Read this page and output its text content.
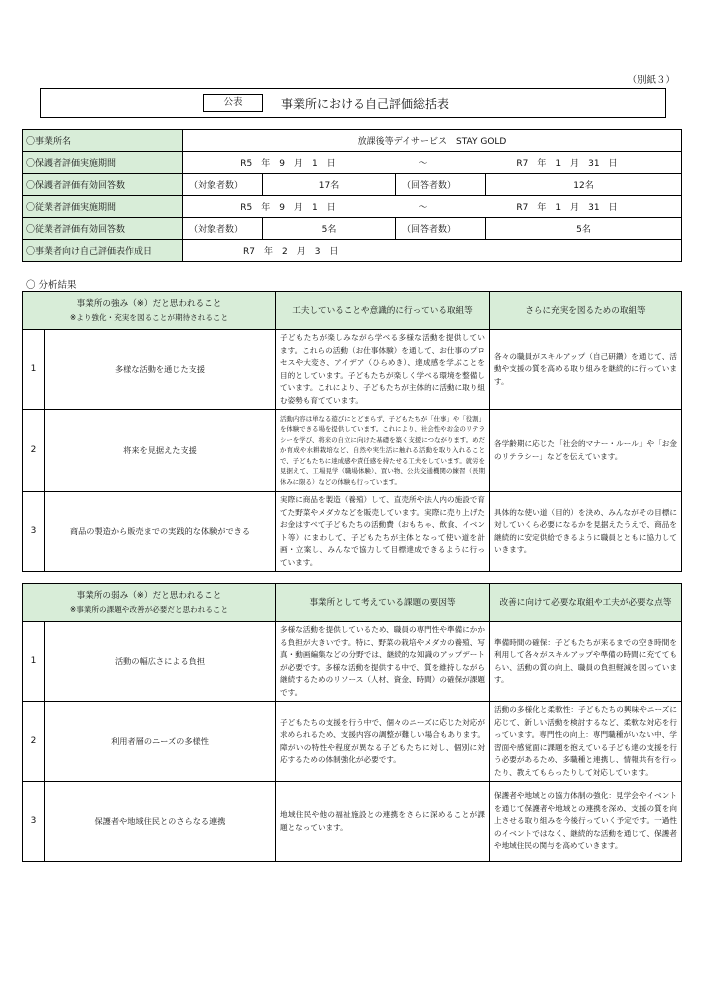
（別紙３）
公表	事業所における自己評価総括表
〇事業所名	放課後等デイサービス　STAY GOLD			
〇保護者評価実施期間	R5　年　9　月　1　日 ～ R7　年　1　月　31　日			

〇保護者評価有効回答数	（対象者数）	17名	（回答者数）	12名
〇従業者評価実施期間	R5　年　9　月　1　日 ～ R7　年　1　月　31　日			

〇従業者評価有効回答数	（対象者数）	5名	（回答者数）	5名
〇事業者向け自己評価表作成日	R7　年　2　月　3　日			
〇 分析結果
事業所の強み（※）だと思われること
※より強化・充実を図ることが期待されること		工夫していることや意識的に行っている取組等	さらに充実を図るための取組等
1	多様な活動を通じた支援	子どもたちが楽しみながら学べる多様な活動を提供しています。これらの活動（お仕事体験）を通して、お仕事のプロセスや大変さ、アイデア（ひらめき）、達成感を学ぶことを目的としています。子どもたちが楽しく学べる環境を整備しています。これにより、子どもたちが主体的に活動に取り組む姿勢も育てています。	各々の職員がスキルアップ（自己研鑽）を通じて、活動や支援の質を高める取り組みを継続的に行っています。
2	将来を見据えた支援	活動内容は単なる遊びにとどまらず、子どもたちが「仕事」や「役割」を体験できる場を提供しています。これにより、社会性やお金のリテラシーを学び、将来の自立に向けた基礎を築く支援につながります。めだか育成や水耕栽培など、自然や実生活に触れる活動を取り入れることで、子どもたちに達成感や責任感を持たせる工夫をしています。就労を見据えて、工場見学（職場体験）、買い物、公共交通機関の練習（長期休みに限る）などの体験も行っています。	各学齢期に応じた「社会的マナー・ルール」や「お金のリテラシー」などを伝えています。
3	商品の製造から販売までの実践的な体験ができる	実際に商品を製造（養殖）して、直売所や法人内の施設で育てた野菜やメダカなどを販売しています。実際に売り上げたお金はすべて子どもたちの活動費（おもちゃ、飲食、イベント等）にまわして、子どもたちが主体となって使い道を計画・立案し、みんなで協力して目標達成できるように行っています。	具体的な使い道（目的）を決め、みんながその目標に対していくら必要になるかを見据えたうえで、商品を継続的に安定供給できるように職員とともに協力していきます。
事業所の弱み（※）だと思われること
※事業所の課題や改善が必要だと思われること		事業所として考えている課題の要因等	改善に向けて必要な取組や工夫が必要な点等
1	活動の幅広さによる負担	多様な活動を提供しているため、職員の専門性や準備にかかる負担が大きいです。特に、野菜の栽培やメダカの養殖、写真・動画編集などの分野では、継続的な知識のアップデートが必要です。多様な活動を提供する中で、質を維持しながら継続するためのリソース（人材、資金、時間）の確保が課題です。	準備時間の確保：子どもたちが来るまでの空き時間を利用して各々がスキルアップや準備の時間に充ててもらい、活動の質の向上、職員の負担軽減を図っています。
2	利用者層のニーズの多様性	子どもたちの支援を行う中で、個々のニーズに応じた対応が求められるため、支援内容の調整が難しい場合もあります。障がいの特性や程度が異なる子どもたちに対し、個別に対応するための体制強化が必要です。	活動の多様化と柔軟性：子どもたちの興味やニーズに応じて、新しい活動を検討するなど、柔軟な対応を行っています。専門性の向上：専門職種がいない中、学習面や感覚面に課題を抱えている子ども達の支援を行う必要があるため、多職種と連携し、情報共有を行ったり、教えてもらったりして対応しています。
3	保護者や地域住民とのさらなる連携	地域住民や他の福祉施設との連携をさらに深めることが課題となっています。	保護者や地域との協力体制の強化：見学会やイベントを通じて保護者や地域との連携を深め、支援の質を向上させる取り組みを今後行っていく予定です。一過性のイベントではなく、継続的な活動を通じて、保護者や地域住民の関与を高めていきます。
